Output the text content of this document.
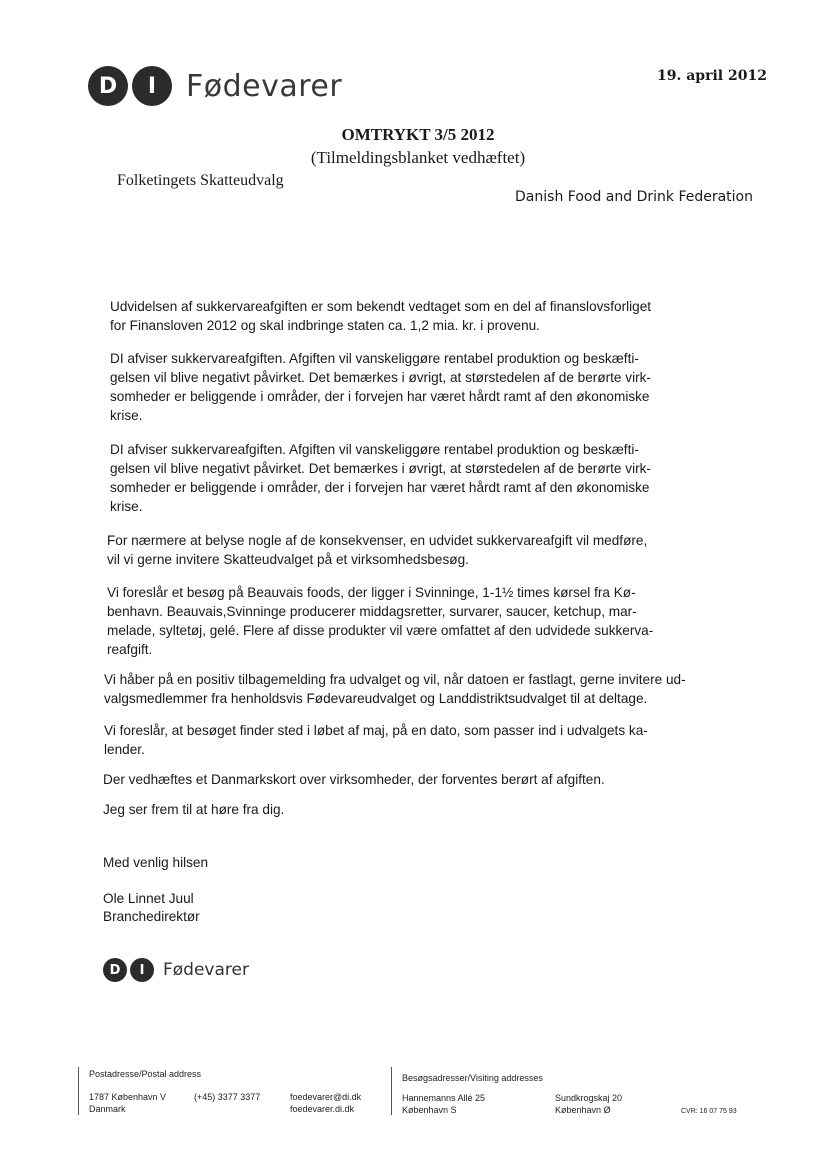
D	I Fødevarer	19. april 2012
OMTRYKT 3/5 2012
(Tilmeldingsblanket vedhæftet)
Folketingets Skatteudvalg
Danish Food and Drink Federation
Udvidelsen af sukkervareafgiften er som bekendt vedtaget som en del af finanslovsforliget
for Finansloven 2012 og skal indbringe staten ca. 1,2 mia. kr. i provenu.
DI afviser sukkervareafgiften. Afgiften vil vanskeliggøre rentabel produktion og beskæfti-
gelsen vil blive negativt påvirket. Det bemærkes i øvrigt, at størstedelen af de berørte virk-
somheder er beliggende i områder, der i forvejen har været hårdt ramt af den økonomiske
krise.
DI afviser sukkervareafgiften. Afgiften vil vanskeliggøre rentabel produktion og beskæfti-
gelsen vil blive negativt påvirket. Det bemærkes i øvrigt, at størstedelen af de berørte virk-
somheder er beliggende i områder, der i forvejen har været hårdt ramt af den økonomiske
krise.
For nærmere at belyse nogle af de konsekvenser, en udvidet sukkervareafgift vil medføre,
vil vi gerne invitere Skatteudvalget på et virksomhedsbesøg.
Vi foreslår et besøg på Beauvais foods, der ligger i Svinninge, 1-1½ times kørsel fra Kø-
benhavn. Beauvais,Svinninge producerer middagsretter, survarer, saucer, ketchup, mar-
melade, syltetøj, gelé. Flere af disse produkter vil være omfattet af den udvidede sukkerva-
reafgift.
Vi håber på en positiv tilbagemelding fra udvalget og vil, når datoen er fastlagt, gerne invitere ud-
valgsmedlemmer fra henholdsvis Fødevareudvalget og Landdistriktsudvalget til at deltage.
Vi foreslår, at besøget finder sted i løbet af maj, på en dato, som passer ind i udvalgets ka-
lender.
Der vedhæftes et Danmarkskort over virksomheder, der forventes berørt af afgiften.
Jeg ser frem til at høre fra dig.
Med venlig hilsen
Ole Linnet Juul
Branchedirektør
D	I	Fødevarer
Postadresse/Postal address
1787 København V
Danmark
(+45) 3377 3377	foedevarer@di.dk
foedevarer.di.dk
Besøgsadresser/Visiting addresses
Hannemanns Allé 25
København S
Sundkrogskaj 20
København Ø	CVR: 16 07 75 93
